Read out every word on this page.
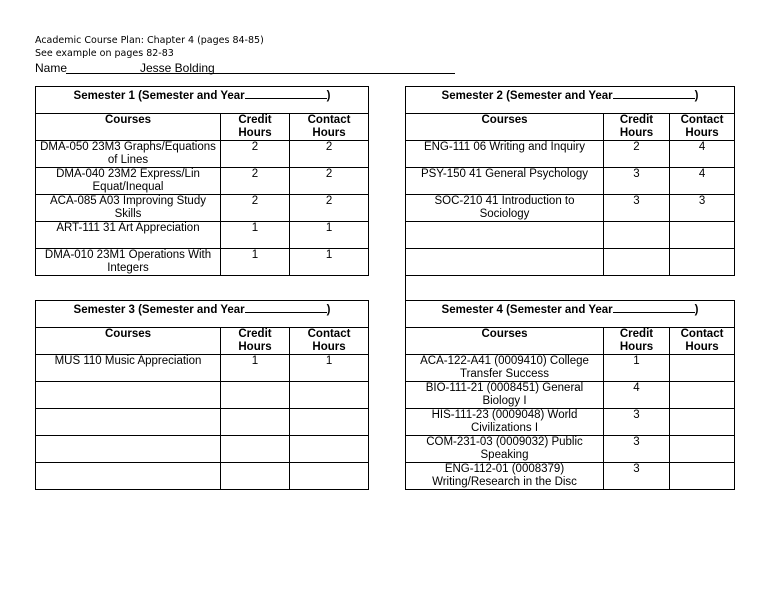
Academic Course Plan: Chapter 4 (pages 84-85)
See example on pages 82-83
Name	Jesse Bolding
Semester 1 (Semester and Year )		
Courses	Credit Hours	Contact Hours
DMA-050 23M3 Graphs/Equations of Lines	2	2
DMA-040 23M2 Express/Lin Equat/Inequal	2	2
ACA-085 A03 Improving Study Skills	2	2
ART-111 31 Art Appreciation	1	1
DMA-010 23M1 Operations With Integers	1	1
Semester 2 (Semester and Year )		
Courses	Credit Hours	Contact Hours
ENG-111 06 Writing and Inquiry	2	4
PSY-150 41 General Psychology	3	4
SOC-210 41 Introduction to Sociology	3	3

Semester 3 (Semester and Year )		
Courses	Credit Hours	Contact Hours
MUS 110 Music Appreciation	1	1

Semester 4 (Semester and Year )		
Courses	Credit Hours	Contact Hours
ACA-122-A41 (0009410) College Transfer Success	1	
BIO-111-21 (0008451) General Biology I	4	
HIS-111-23 (0009048) World Civilizations I	3	
COM-231-03 (0009032) Public Speaking	3	
ENG-112-01 (0008379) Writing/Research in the Disc	3	
